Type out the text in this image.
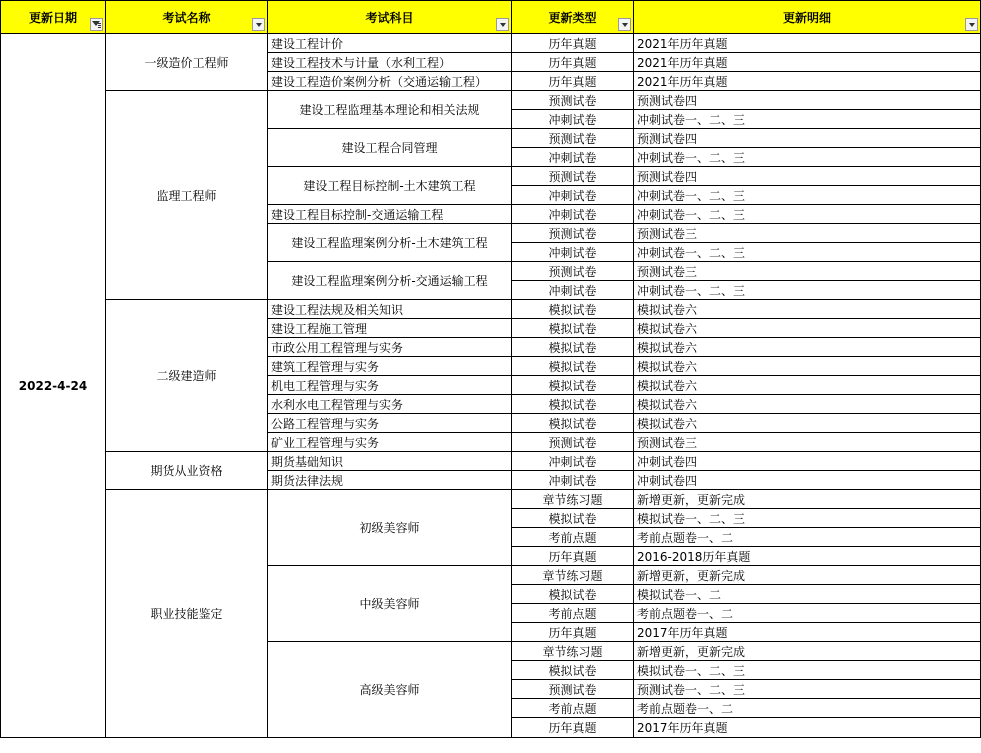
更新日期	考试名称	考试科目	更新类型	更新明细

2022-4-24	一级造价工程师	建设工程计价	历年真题	2021年历年真题
		建设工程技术与计量（水利工程）	历年真题	2021年历年真题
		建设工程造价案例分析（交通运输工程）	历年真题	2021年历年真题
	监理工程师	建设工程监理基本理论和相关法规	预测试卷	预测试卷四
			冲刺试卷	冲刺试卷一、二、三
		建设工程合同管理	预测试卷	预测试卷四
			冲刺试卷	冲刺试卷一、二、三
		建设工程目标控制-土木建筑工程	预测试卷	预测试卷四
			冲刺试卷	冲刺试卷一、二、三
		建设工程目标控制-交通运输工程	冲刺试卷	冲刺试卷一、二、三
		建设工程监理案例分析-土木建筑工程	预测试卷	预测试卷三
			冲刺试卷	冲刺试卷一、二、三
		建设工程监理案例分析-交通运输工程	预测试卷	预测试卷三
			冲刺试卷	冲刺试卷一、二、三
	二级建造师	建设工程法规及相关知识	模拟试卷	模拟试卷六
		建设工程施工管理	模拟试卷	模拟试卷六
		市政公用工程管理与实务	模拟试卷	模拟试卷六
		建筑工程管理与实务	模拟试卷	模拟试卷六
		机电工程管理与实务	模拟试卷	模拟试卷六
		水利水电工程管理与实务	模拟试卷	模拟试卷六
		公路工程管理与实务	模拟试卷	模拟试卷六
		矿业工程管理与实务	预测试卷	预测试卷三
	期货从业资格	期货基础知识	冲刺试卷	冲刺试卷四
		期货法律法规	冲刺试卷	冲刺试卷四
	职业技能鉴定	初级美容师	章节练习题	新增更新，更新完成
			模拟试卷	模拟试卷一、二、三
			考前点题	考前点题卷一、二
			历年真题	2016-2018历年真题
		中级美容师	章节练习题	新增更新，更新完成
			模拟试卷	模拟试卷一、二
			考前点题	考前点题卷一、二
			历年真题	2017年历年真题
		高级美容师	章节练习题	新增更新，更新完成
			模拟试卷	模拟试卷一、二、三
			预测试卷	预测试卷一、二、三
			考前点题	考前点题卷一、二
			历年真题	2017年历年真题
